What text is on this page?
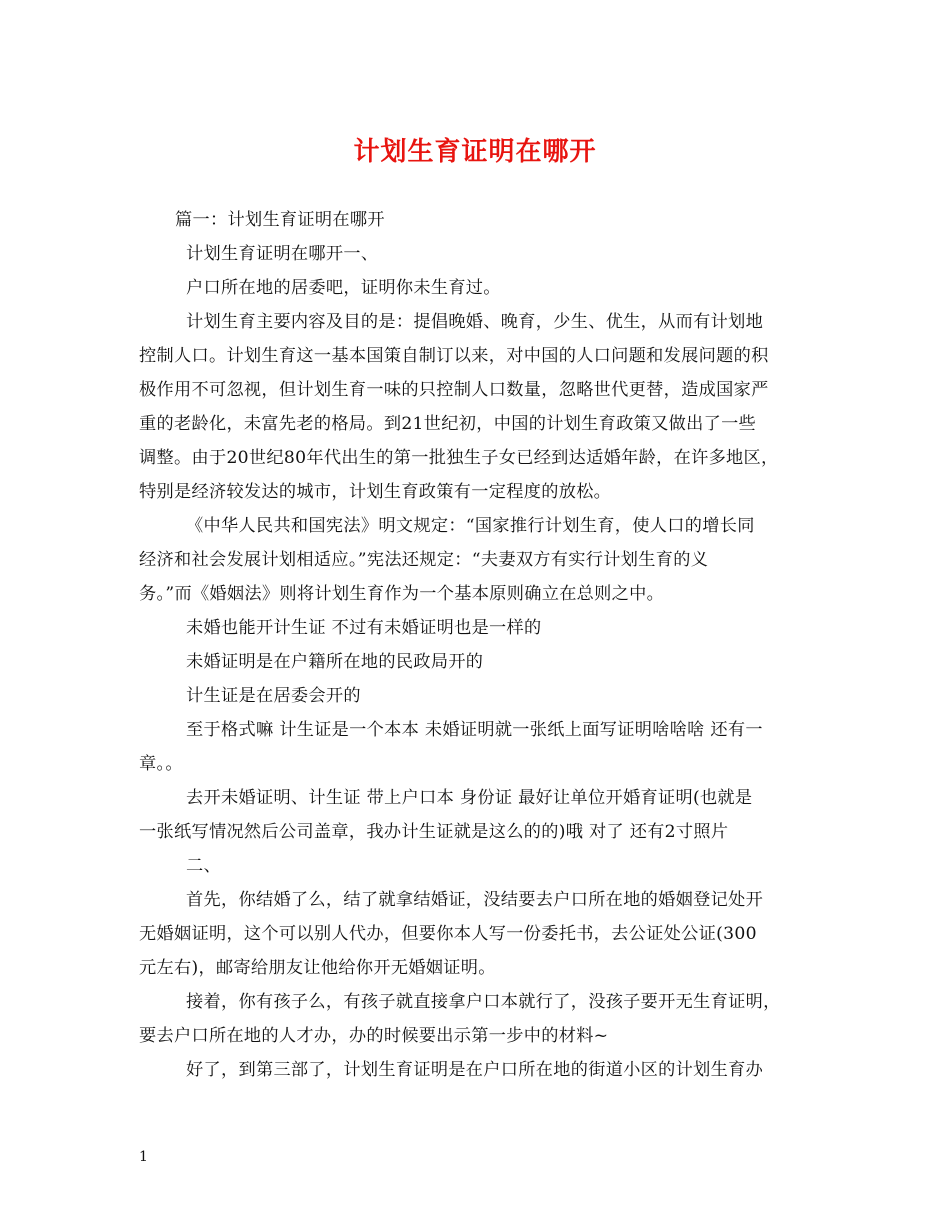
计划生育证明在哪开
篇一：计划生育证明在哪开
计划生育证明在哪开一、
户口所在地的居委吧，证明你未生育过。
计划生育主要内容及目的是：提倡晚婚、晚育，少生、优生，从而有计划地
控制人口。计划生育这一基本国策自制订以来，对中国的人口问题和发展问题的积
极作用不可忽视，但计划生育一味的只控制人口数量，忽略世代更替，造成国家严
重的老龄化，未富先老的格局。到21世纪初，中国的计划生育政策又做出了一些
调整。由于20世纪80年代出生的第一批独生子女已经到达适婚年龄，在许多地区，
特别是经济较发达的城市，计划生育政策有一定程度的放松。
《中华人民共和国宪法》明文规定：“国家推行计划生育，使人口的增长同
经济和社会发展计划相适应。”宪法还规定：“夫妻双方有实行计划生育的义
务。”而《婚姻法》则将计划生育作为一个基本原则确立在总则之中。
未婚也能开计生证 不过有未婚证明也是一样的
未婚证明是在户籍所在地的民政局开的
计生证是在居委会开的
至于格式嘛 计生证是一个本本 未婚证明就一张纸上面写证明啥啥啥 还有一
章。。
去开未婚证明、计生证 带上户口本 身份证 最好让单位开婚育证明(也就是
一张纸写情况然后公司盖章，我办计生证就是这么的的)哦 对了 还有2寸照片
二、
首先，你结婚了么，结了就拿结婚证，没结要去户口所在地的婚姻登记处开
无婚姻证明，这个可以别人代办，但要你本人写一份委托书，去公证处公证(300
元左右)，邮寄给朋友让他给你开无婚姻证明。
接着，你有孩子么，有孩子就直接拿户口本就行了，没孩子要开无生育证明，
要去户口所在地的人才办，办的时候要出示第一步中的材料~
好了，到第三部了，计划生育证明是在户口所在地的街道小区的计划生育办
1
